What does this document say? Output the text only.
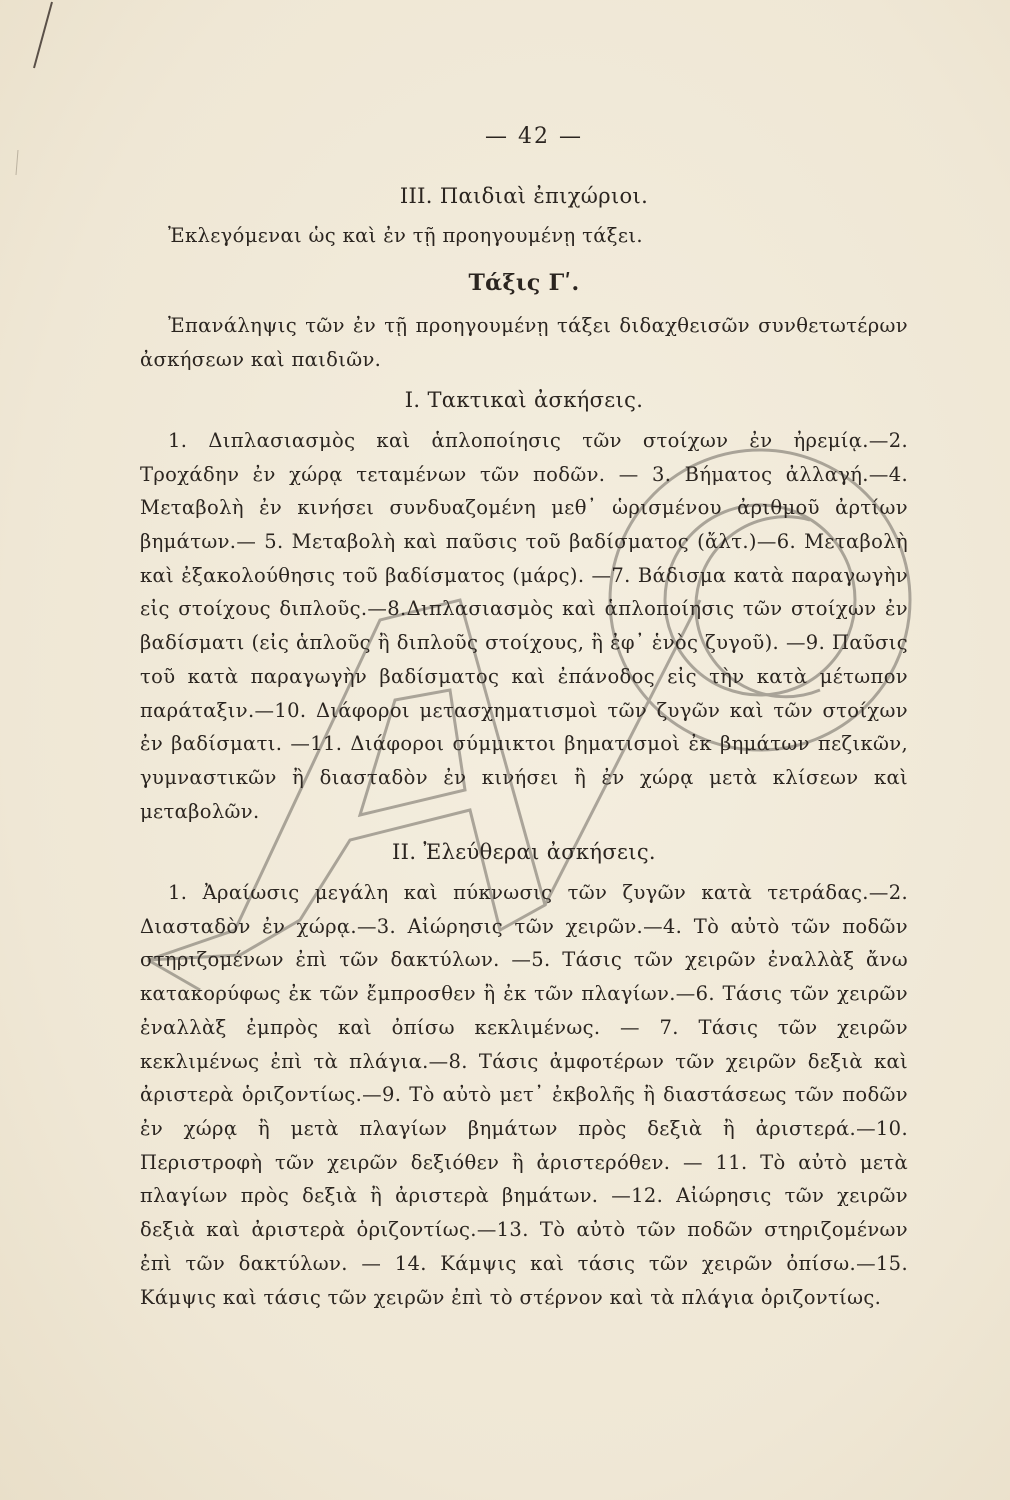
— 42 —

III. Παιδιαὶ ἐπιχώριοι.

Ἐκλεγόμεναι ὡς καὶ ἐν τῇ προηγουμένῃ τάξει.

Τάξις Γʹ.

Ἐπανάληψις τῶν ἐν τῇ προηγουμένῃ τάξει διδαχθεισῶν συνθετωτέρων ἀσκήσεων καὶ παιδιῶν.

I. Τακτικαὶ ἀσκήσεις.

1. Διπλασιασμὸς καὶ ἁπλοποίησις τῶν στοίχων ἐν ἠρεμίᾳ.—2. Τροχάδην ἐν χώρᾳ τεταμένων τῶν ποδῶν. — 3. Βήματος ἀλλαγή.—4. Μεταβολὴ ἐν κινήσει συνδυαζομένη μεθ᾽ ὡρισμένου ἀριθμοῦ ἀρτίων βημάτων.— 5. Μεταβολὴ καὶ παῦσις τοῦ βαδίσματος (ἄλτ.)—6. Μεταβολὴ καὶ ἐξακολούθησις τοῦ βαδίσματος (μάρς). —7. Βάδισμα κατὰ παραγωγὴν εἰς στοίχους διπλοῦς.—8.Διπλασιασμὸς καὶ ἁπλοποίησις τῶν στοίχων ἐν βαδίσματι (εἰς ἁπλοῦς ἢ διπλοῦς στοίχους, ἢ ἐφ᾽ ἑνὸς ζυγοῦ). —9. Παῦσις τοῦ κατὰ παραγωγὴν βαδίσματος καὶ ἐπάνοδος εἰς τὴν κατὰ μέτωπον παράταξιν.—10. Διάφοροι μετασχηματισμοὶ τῶν ζυγῶν καὶ τῶν στοίχων ἐν βαδίσματι. —11. Διάφοροι σύμμικτοι βηματισμοὶ ἐκ βημάτων πεζικῶν, γυμναστικῶν ἢ διασταδὸν ἐν κινήσει ἢ ἐν χώρᾳ μετὰ κλίσεων καὶ μεταβολῶν.

II. Ἐλεύθεραι ἀσκήσεις.

1. Ἀραίωσις μεγάλη καὶ πύκνωσις τῶν ζυγῶν κατὰ τετράδας.—2. Διασταδὸν ἐν χώρᾳ.—3. Αἰώρησις τῶν χειρῶν.—4. Τὸ αὐτὸ τῶν ποδῶν στηριζομένων ἐπὶ τῶν δακτύλων. —5. Τάσις τῶν χειρῶν ἐναλλὰξ ἄνω κατακορύφως ἐκ τῶν ἔμπροσθεν ἢ ἐκ τῶν πλαγίων.—6. Τάσις τῶν χειρῶν ἐναλλὰξ ἐμπρὸς καὶ ὀπίσω κεκλιμένως. — 7. Τάσις τῶν χειρῶν κεκλιμένως ἐπὶ τὰ πλάγια.—8. Τάσις ἀμφοτέρων τῶν χειρῶν δεξιὰ καὶ ἀριστερὰ ὁριζοντίως.—9. Τὸ αὐτὸ μετ᾽ ἐκβολῆς ἢ διαστάσεως τῶν ποδῶν ἐν χώρᾳ ἢ μετὰ πλαγίων βημάτων πρὸς δεξιὰ ἢ ἀριστερά.—10. Περιστροφὴ τῶν χειρῶν δεξιόθεν ἢ ἀριστερόθεν. — 11. Τὸ αὐτὸ μετὰ πλαγίων πρὸς δεξιὰ ἢ ἀριστερὰ βημάτων. —12. Αἰώρησις τῶν χειρῶν δεξιὰ καὶ ἀριστερὰ ὁριζοντίως.—13. Τὸ αὐτὸ τῶν ποδῶν στηριζομένων ἐπὶ τῶν δακτύλων. — 14. Κάμψις καὶ τάσις τῶν χειρῶν ὀπίσω.—15. Κάμψις καὶ τάσις τῶν χειρῶν ἐπὶ τὸ στέρνον καὶ τὰ πλάγια ὁριζοντίως.
